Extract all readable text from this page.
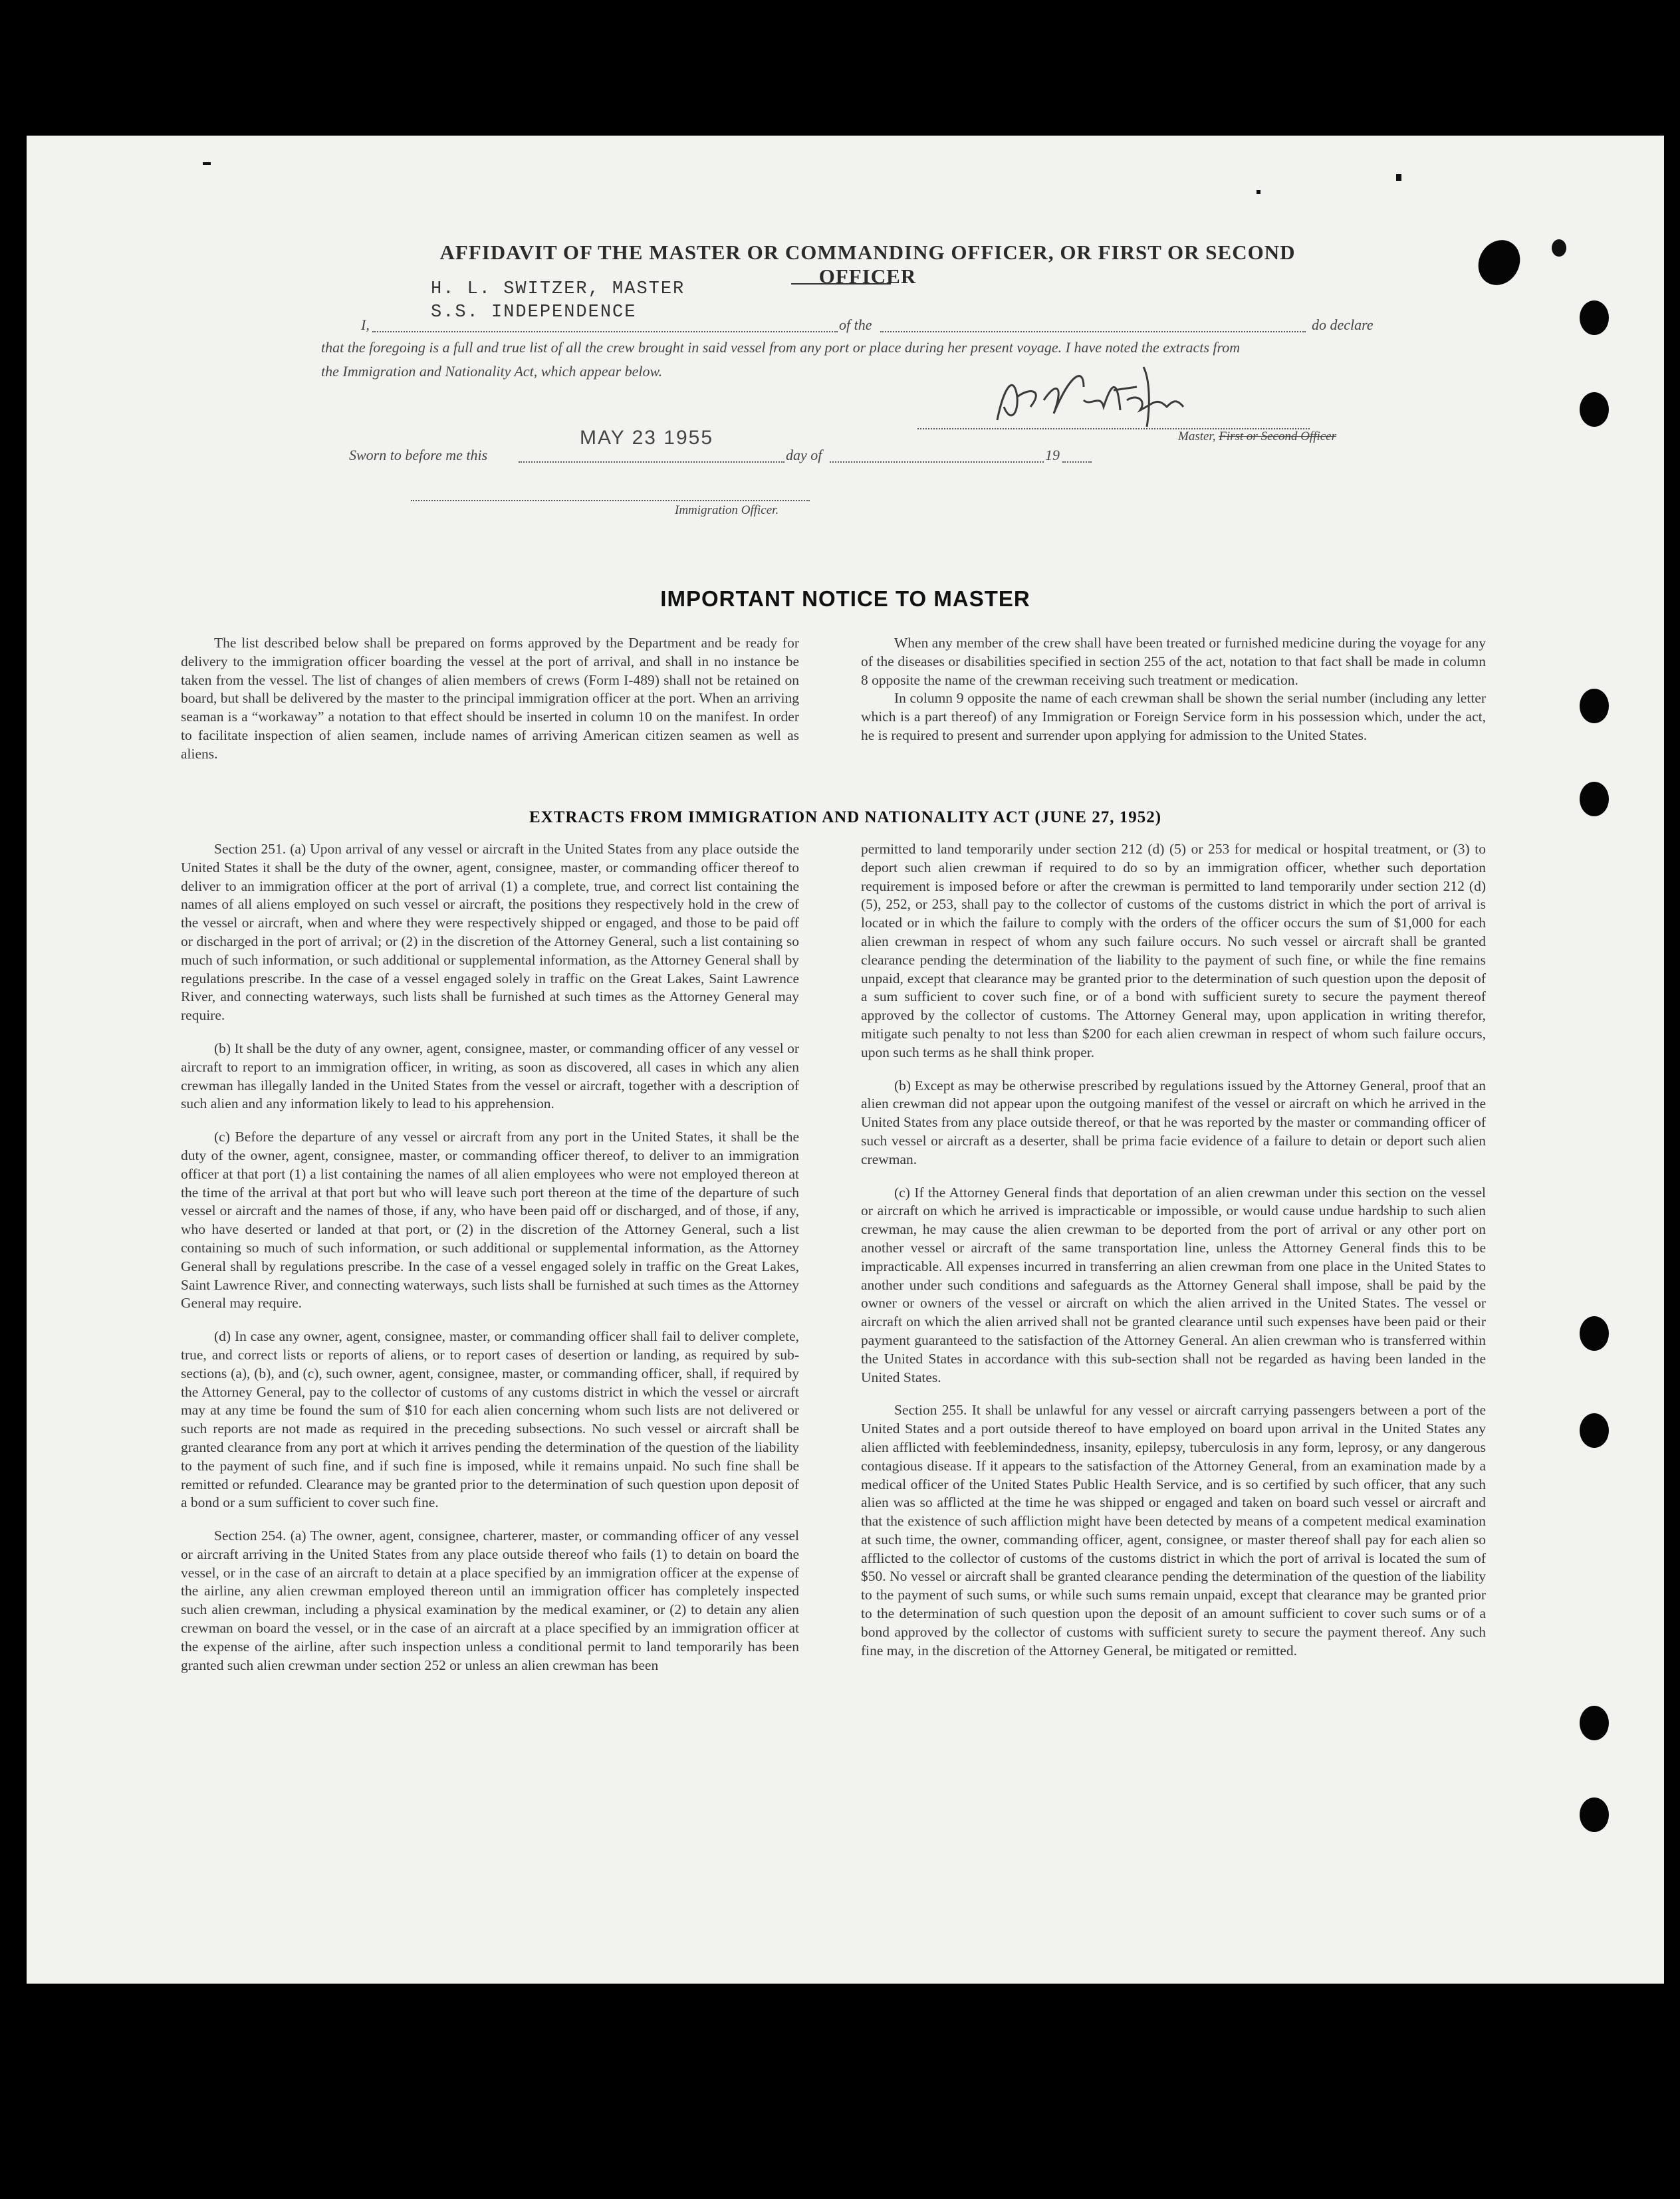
AFFIDAVIT OF THE MASTER OR COMMANDING OFFICER, OR FIRST OR SECOND OFFICER
H. L. SWITZER, MASTER
S.S. INDEPENDENCE
I,	of the	do declare
that the foregoing is a full and true list of all the crew brought in said vessel from any port or place during her present voyage. I have noted the extracts from
the Immigration and Nationality Act, which appear below.
Master, First or Second Officer
MAY 23 1955
Sworn to before me this	day of	19
Immigration Officer.
IMPORTANT NOTICE TO MASTER

The list described below shall be prepared on forms approved by the Department and be ready for delivery to the immigration officer boarding the vessel at the port of arrival, and shall in no instance be taken from the vessel. The list of changes of alien members of crews (Form I-489) shall not be retained on board, but shall be delivered by the master to the principal immigration officer at the port. When an arriving seaman is a “workaway” a notation to that effect should be inserted in column 10 on the manifest. In order to facilitate inspection of alien seamen, include names of arriving American citizen seamen as well as aliens.

When any member of the crew shall have been treated or furnished medicine during the voyage for any of the diseases or disabilities specified in section 255 of the act, notation to that fact shall be made in column 8 opposite the name of the crewman receiving such treatment or medication.

In column 9 opposite the name of each crewman shall be shown the serial number (including any letter which is a part thereof) of any Immigration or Foreign Service form in his possession which, under the act, he is required to present and surrender upon applying for admission to the United States.

EXTRACTS FROM IMMIGRATION AND NATIONALITY ACT (JUNE 27, 1952)

Section 251. (a) Upon arrival of any vessel or aircraft in the United States from any place outside the United States it shall be the duty of the owner, agent, consignee, master, or commanding officer thereof to deliver to an immigration officer at the port of arrival (1) a complete, true, and correct list containing the names of all aliens employed on such vessel or aircraft, the positions they respectively hold in the crew of the vessel or aircraft, when and where they were respectively shipped or engaged, and those to be paid off or discharged in the port of arrival; or (2) in the discretion of the Attorney General, such a list containing so much of such information, or such additional or supplemental information, as the Attorney General shall by regulations prescribe. In the case of a vessel engaged solely in traffic on the Great Lakes, Saint Lawrence River, and connecting waterways, such lists shall be furnished at such times as the Attorney General may require.

(b) It shall be the duty of any owner, agent, consignee, master, or commanding officer of any vessel or aircraft to report to an immigration officer, in writing, as soon as discovered, all cases in which any alien crewman has illegally landed in the United States from the vessel or aircraft, together with a description of such alien and any information likely to lead to his apprehension.

(c) Before the departure of any vessel or aircraft from any port in the United States, it shall be the duty of the owner, agent, consignee, master, or commanding officer thereof, to deliver to an immigration officer at that port (1) a list containing the names of all alien employees who were not employed thereon at the time of the arrival at that port but who will leave such port thereon at the time of the departure of such vessel or aircraft and the names of those, if any, who have been paid off or discharged, and of those, if any, who have deserted or landed at that port, or (2) in the discretion of the Attorney General, such a list containing so much of such information, or such additional or supplemental information, as the Attorney General shall by regulations prescribe. In the case of a vessel engaged solely in traffic on the Great Lakes, Saint Lawrence River, and connecting waterways, such lists shall be furnished at such times as the Attorney General may require.

(d) In case any owner, agent, consignee, master, or commanding officer shall fail to deliver complete, true, and correct lists or reports of aliens, or to report cases of desertion or landing, as required by sub-sections (a), (b), and (c), such owner, agent, consignee, master, or commanding officer, shall, if required by the Attorney General, pay to the collector of customs of any customs district in which the vessel or aircraft may at any time be found the sum of $10 for each alien concerning whom such lists are not delivered or such reports are not made as required in the preceding subsections. No such vessel or aircraft shall be granted clearance from any port at which it arrives pending the determination of the question of the liability to the payment of such fine, and if such fine is imposed, while it remains unpaid. No such fine shall be remitted or refunded. Clearance may be granted prior to the determination of such question upon deposit of a bond or a sum sufficient to cover such fine.

Section 254. (a) The owner, agent, consignee, charterer, master, or commanding officer of any vessel or aircraft arriving in the United States from any place outside thereof who fails (1) to detain on board the vessel, or in the case of an aircraft to detain at a place specified by an immigration officer at the expense of the airline, any alien crewman employed thereon until an immigration officer has completely inspected such alien crewman, including a physical examination by the medical examiner, or (2) to detain any alien crewman on board the vessel, or in the case of an aircraft at a place specified by an immigration officer at the expense of the airline, after such inspection unless a conditional permit to land temporarily has been granted such alien crewman under section 252 or unless an alien crewman has been

permitted to land temporarily under section 212 (d) (5) or 253 for medical or hospital treatment, or (3) to deport such alien crewman if required to do so by an immigration officer, whether such deportation requirement is imposed before or after the crewman is permitted to land temporarily under section 212 (d) (5), 252, or 253, shall pay to the collector of customs of the customs district in which the port of arrival is located or in which the failure to comply with the orders of the officer occurs the sum of $1,000 for each alien crewman in respect of whom any such failure occurs. No such vessel or aircraft shall be granted clearance pending the determination of the liability to the payment of such fine, or while the fine remains unpaid, except that clearance may be granted prior to the determination of such question upon the deposit of a sum sufficient to cover such fine, or of a bond with sufficient surety to secure the payment thereof approved by the collector of customs. The Attorney General may, upon application in writing therefor, mitigate such penalty to not less than $200 for each alien crewman in respect of whom such failure occurs, upon such terms as he shall think proper.

(b) Except as may be otherwise prescribed by regulations issued by the Attorney General, proof that an alien crewman did not appear upon the outgoing manifest of the vessel or aircraft on which he arrived in the United States from any place outside thereof, or that he was reported by the master or commanding officer of such vessel or aircraft as a deserter, shall be prima facie evidence of a failure to detain or deport such alien crewman.

(c) If the Attorney General finds that deportation of an alien crewman under this section on the vessel or aircraft on which he arrived is impracticable or impossible, or would cause undue hardship to such alien crewman, he may cause the alien crewman to be deported from the port of arrival or any other port on another vessel or aircraft of the same transportation line, unless the Attorney General finds this to be impracticable. All expenses incurred in transferring an alien crewman from one place in the United States to another under such conditions and safeguards as the Attorney General shall impose, shall be paid by the owner or owners of the vessel or aircraft on which the alien arrived in the United States. The vessel or aircraft on which the alien arrived shall not be granted clearance until such expenses have been paid or their payment guaranteed to the satisfaction of the Attorney General. An alien crewman who is transferred within the United States in accordance with this sub-section shall not be regarded as having been landed in the United States.

Section 255. It shall be unlawful for any vessel or aircraft carrying passengers between a port of the United States and a port outside thereof to have employed on board upon arrival in the United States any alien afflicted with feeblemindedness, insanity, epilepsy, tuberculosis in any form, leprosy, or any dangerous contagious disease. If it appears to the satisfaction of the Attorney General, from an examination made by a medical officer of the United States Public Health Service, and is so certified by such officer, that any such alien was so afflicted at the time he was shipped or engaged and taken on board such vessel or aircraft and that the existence of such affliction might have been detected by means of a competent medical examination at such time, the owner, commanding officer, agent, consignee, or master thereof shall pay for each alien so afflicted to the collector of customs of the customs district in which the port of arrival is located the sum of $50. No vessel or aircraft shall be granted clearance pending the determination of the question of the liability to the payment of such sums, or while such sums remain unpaid, except that clearance may be granted prior to the determination of such question upon the deposit of an amount sufficient to cover such sums or of a bond approved by the collector of customs with sufficient surety to secure the payment thereof. Any such fine may, in the discretion of the Attorney General, be mitigated or remitted.
